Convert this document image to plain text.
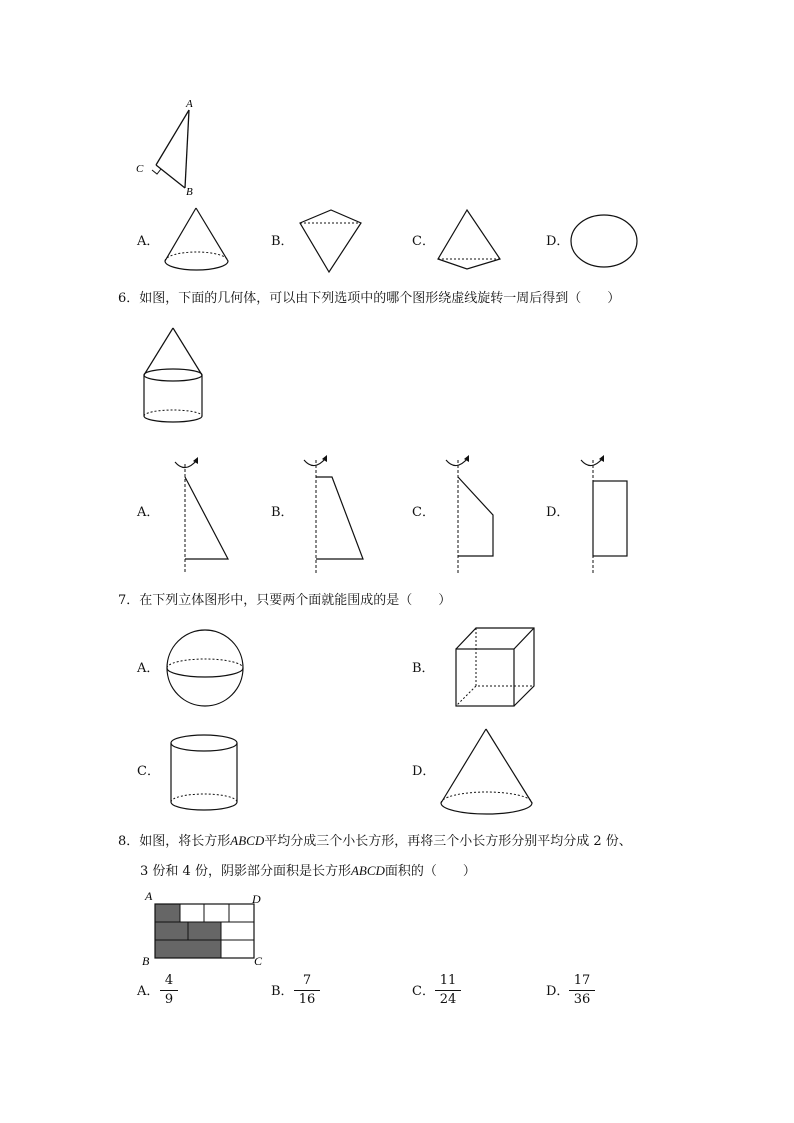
A
C
B
A．	B．	C．	D．
6．如图，下面的几何体，可以由下列选项中的哪个图形绕虚线旋转一周后得到（　　）
A．	B．	C．	D．
7．在下列立体图形中，只要两个面就能围成的是（　　）
A．	B．
C．	D．
8．如图，将长方形ABCD平均分成三个小长方形，再将三个小长方形分别平均分成 2 份、
3 份和 4 份，阴影部分面积是长方形ABCD面积的（　　）
A	D
B	C
A．
4
9
B．
7
16
C．
11
24
D．
17
36
